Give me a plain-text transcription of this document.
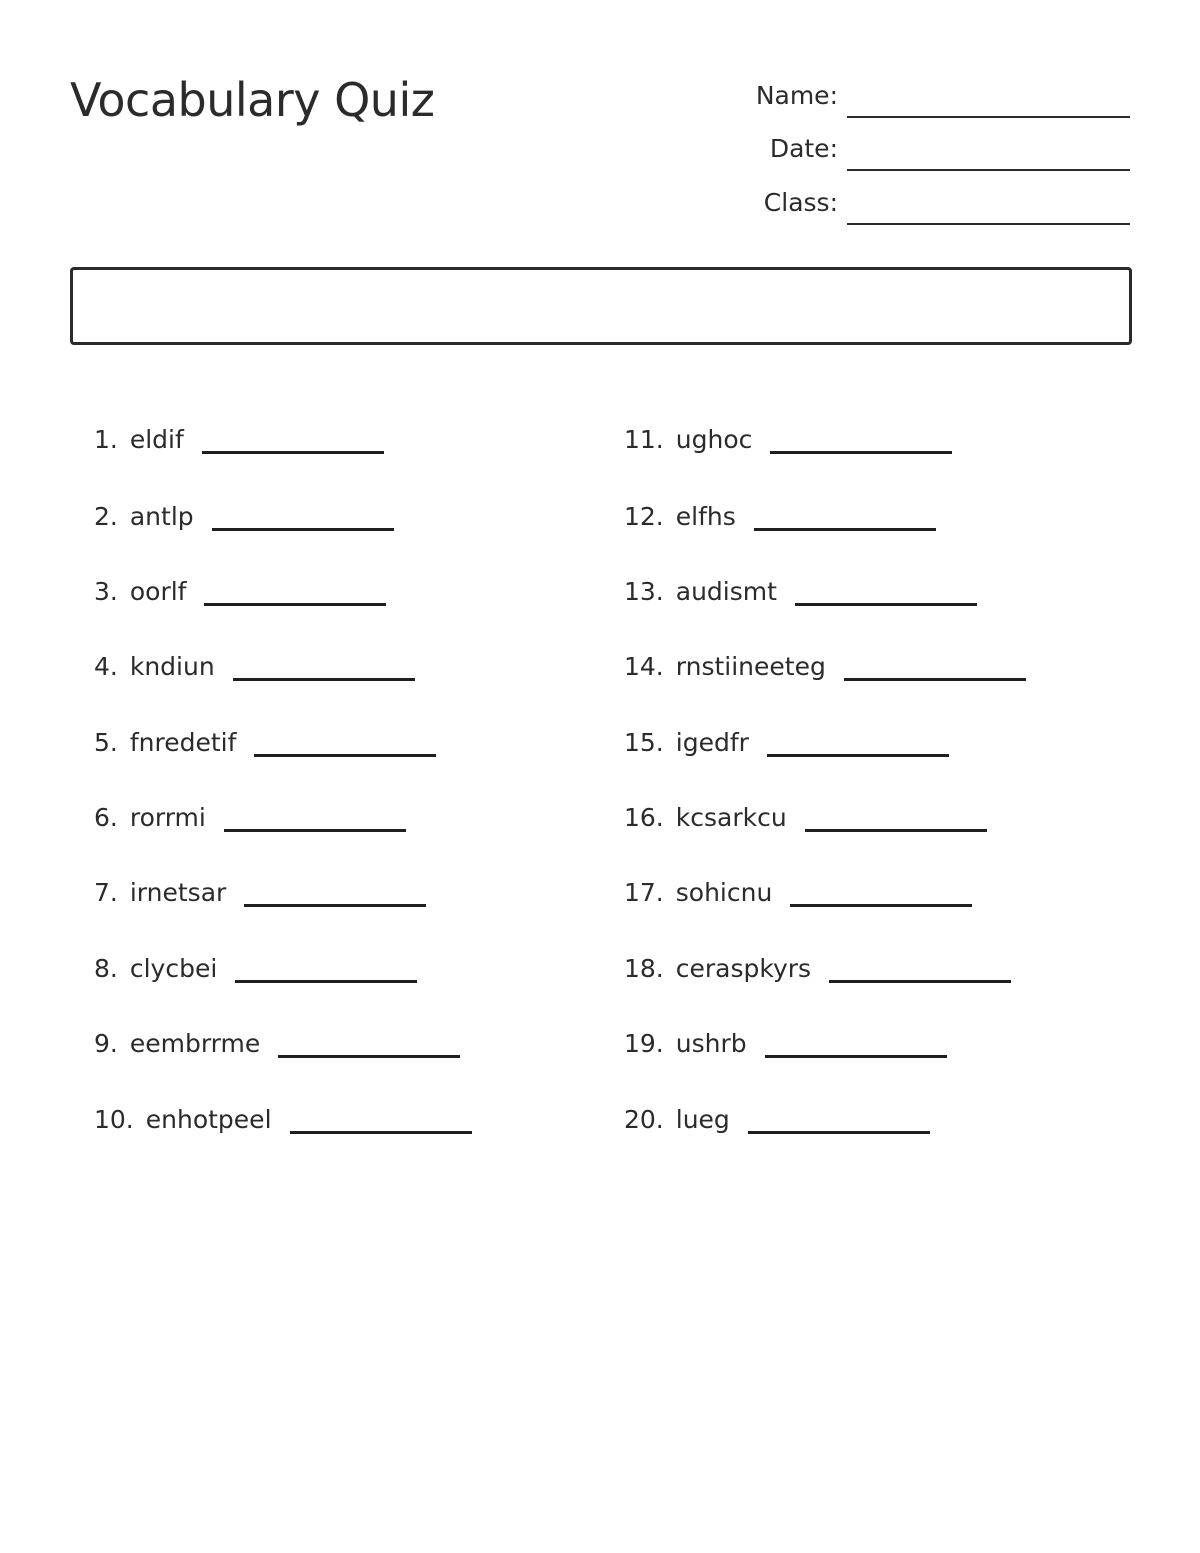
Vocabulary Quiz	Name:
Date:
Class:
1. eldif
2. antlp
3. oorlf
4. kndiun
5. fnredetif
6. rorrmi
7. irnetsar
8. clycbei
9. eembrrme
10. enhotpeel
11. ughoc
12. elfhs
13. audismt
14. rnstiineeteg
15. igedfr
16. kcsarkcu
17. sohicnu
18. ceraspkyrs
19. ushrb
20. lueg
